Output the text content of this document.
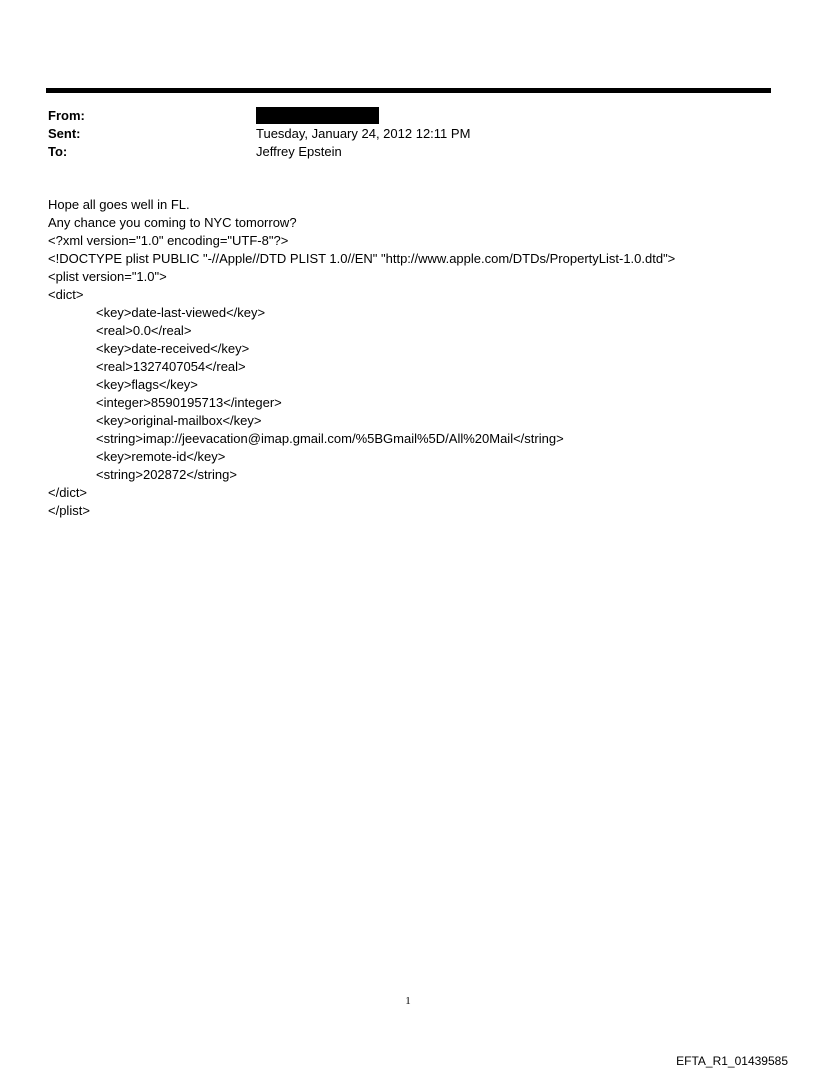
From:
Sent:	Tuesday, January 24, 2012 12:11 PM
To:	Jeffrey Epstein
Hope all goes well in FL.
Any chance you coming to NYC tomorrow?
<?xml version="1.0" encoding="UTF-8"?>
<!DOCTYPE plist PUBLIC "-//Apple//DTD PLIST 1.0//EN" "http://www.apple.com/DTDs/PropertyList-1.0.dtd">
<plist version="1.0">
<dict>
<key>date-last-viewed</key>
<real>0.0</real>
<key>date-received</key>
<real>1327407054</real>
<key>flags</key>
<integer>8590195713</integer>
<key>original-mailbox</key>
<string>imap://jeevacation@imap.gmail.com/%5BGmail%5D/All%20Mail</string>
<key>remote-id</key>
<string>202872</string>
</dict>
</plist>
1
EFTA_R1_01439585
